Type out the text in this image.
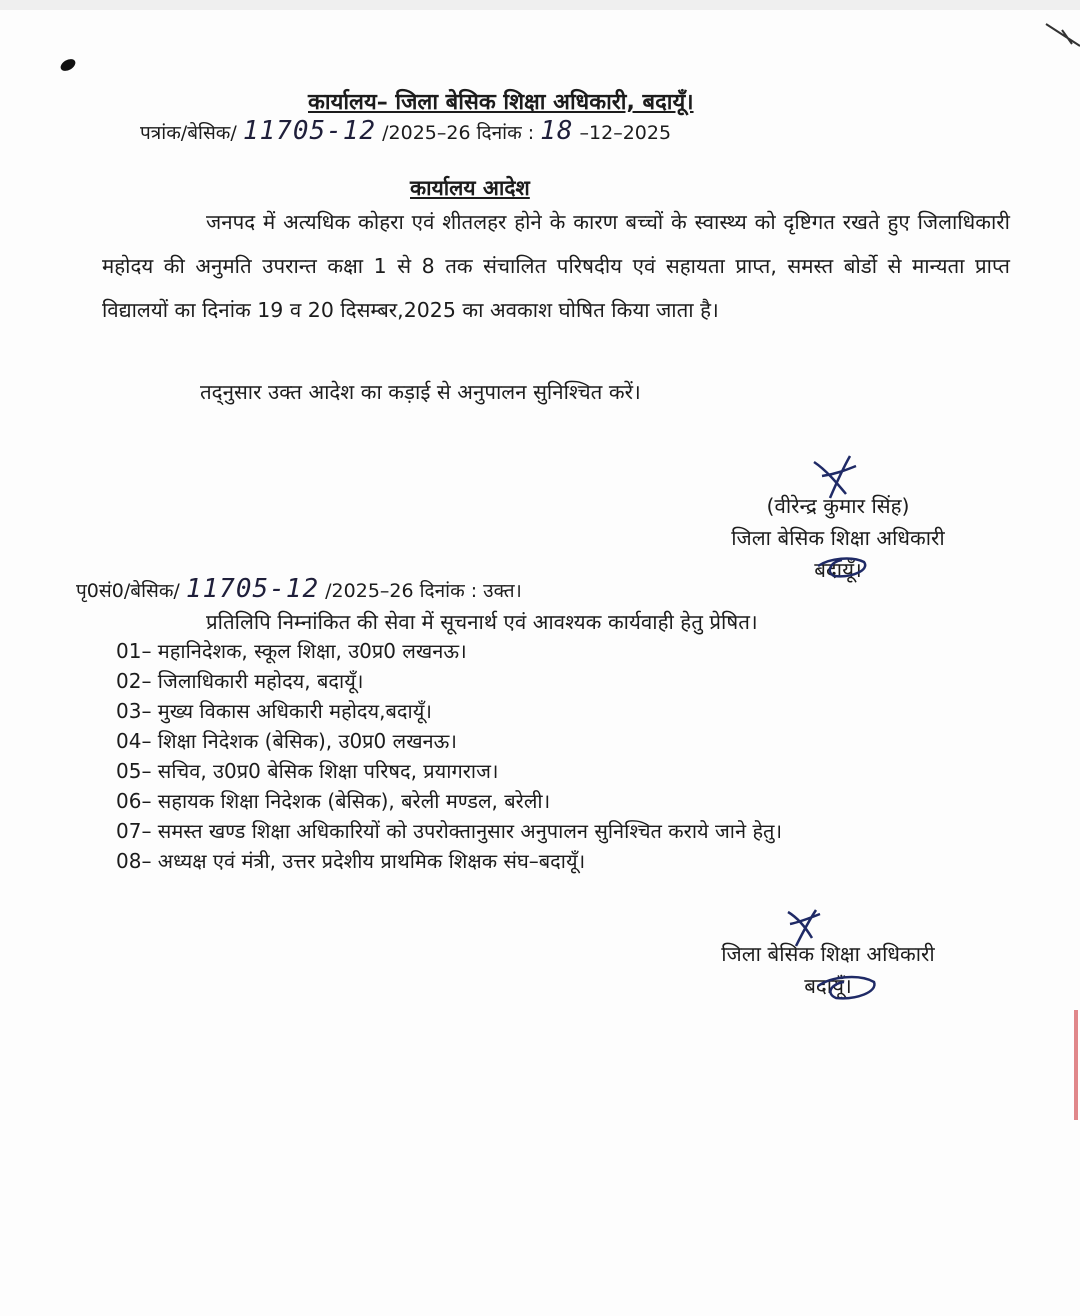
कार्यालय– जिला बेसिक शिक्षा अधिकारी, बदायूँ।
पत्रांक/बेसिक/ 11705-12 /2025–26 दिनांक : 18 –12–2025
कार्यालय आदेश
जनपद में अत्यधिक कोहरा एवं शीतलहर होने के कारण बच्चों के स्वास्थ्य को दृष्टिगत रखते हुए जिलाधिकारी महोदय की अनुमति उपरान्त कक्षा 1 से 8 तक संचालित परिषदीय एवं सहायता प्राप्त, समस्त बोर्डो से मान्यता प्राप्त विद्यालयों का दिनांक 19 व 20 दिसम्बर,2025 का अवकाश घोषित किया जाता है।
तद्नुसार उक्त आदेश का कड़ाई से अनुपालन सुनिश्चित करें।
(वीरेन्द्र कुमार सिंह)
जिला बेसिक शिक्षा अधिकारी
बदायूँ।
पृ0सं0/बेसिक/ 11705-12 /2025–26 दिनांक : उक्त।
प्रतिलिपि निम्नांकित की सेवा में सूचनार्थ एवं आवश्यक कार्यवाही हेतु प्रेषित।
01– महानिदेशक, स्कूल शिक्षा, उ0प्र0 लखनऊ।
02– जिलाधिकारी महोदय, बदायूँ।
03– मुख्य विकास अधिकारी महोदय,बदायूँ।
04– शिक्षा निदेशक (बेसिक), उ0प्र0 लखनऊ।
05– सचिव, उ0प्र0 बेसिक शिक्षा परिषद, प्रयागराज।
06– सहायक शिक्षा निदेशक (बेसिक), बरेली मण्डल, बरेली।
07– समस्त खण्ड शिक्षा अधिकारियों को उपरोक्तानुसार अनुपालन सुनिश्चित कराये जाने हेतु।
08– अध्यक्ष एवं मंत्री, उत्तर प्रदेशीय प्राथमिक शिक्षक संघ–बदायूँ।
जिला बेसिक शिक्षा अधिकारी
बदायूँ।
